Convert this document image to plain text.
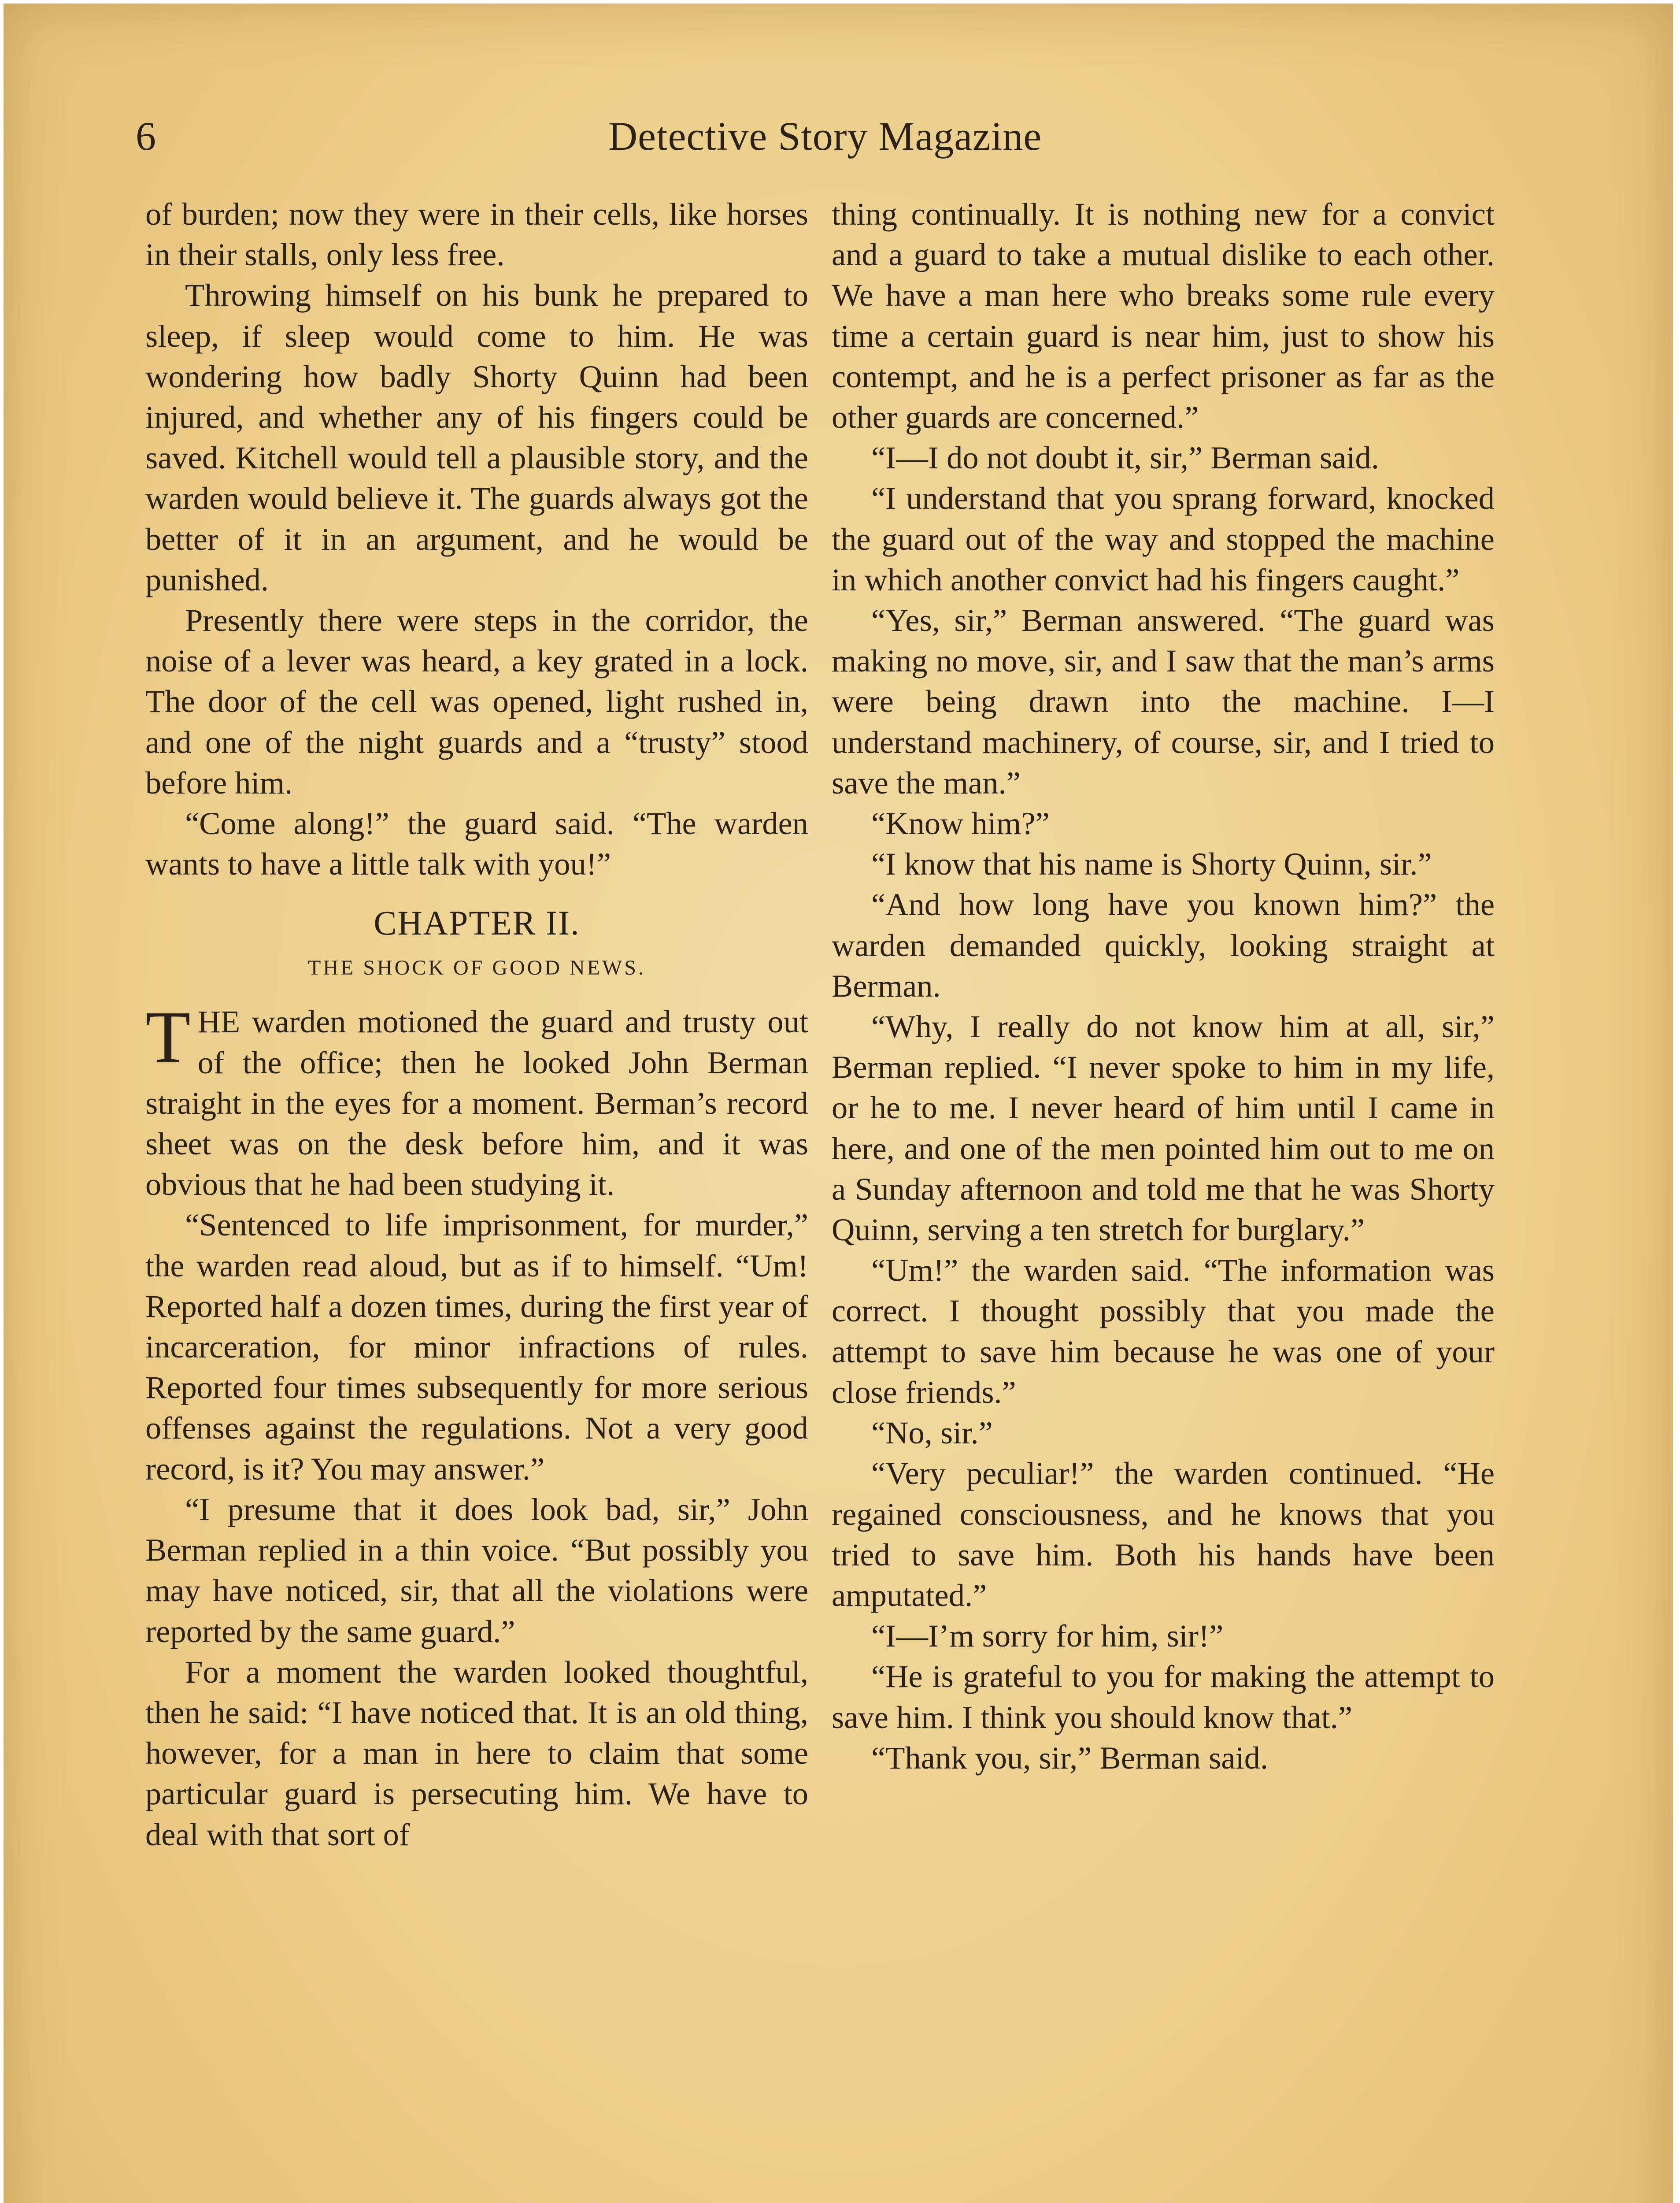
6	Detective Story Magazine

of burden; now they were in their cells, like horses in their stalls, only less free.

Throwing himself on his bunk he prepared to sleep, if sleep would come to him. He was wondering how badly Shorty Quinn had been injured, and whether any of his fingers could be saved. Kitchell would tell a plausible story, and the warden would believe it. The guards always got the better of it in an argument, and he would be punished.

Presently there were steps in the corridor, the noise of a lever was heard, a key grated in a lock. The door of the cell was opened, light rushed in, and one of the night guards and a “trusty” stood before him.

“Come along!” the guard said. “The warden wants to have a little talk with you!”

CHAPTER II.
THE SHOCK OF GOOD NEWS.

THE warden motioned the guard and trusty out of the office; then he looked John Berman straight in the eyes for a moment. Berman’s record sheet was on the desk before him, and it was obvious that he had been studying it.

“Sentenced to life imprisonment, for murder,” the warden read aloud, but as if to himself. “Um! Reported half a dozen times, during the first year of incarceration, for minor infractions of rules. Reported four times subsequently for more serious offenses against the regulations. Not a very good record, is it? You may answer.”

“I presume that it does look bad, sir,” John Berman replied in a thin voice. “But possibly you may have noticed, sir, that all the violations were reported by the same guard.”

For a moment the warden looked thoughtful, then he said: “I have noticed that. It is an old thing, however, for a man in here to claim that some particular guard is persecuting him. We have to deal with that sort of

thing continually. It is nothing new for a convict and a guard to take a mutual dislike to each other. We have a man here who breaks some rule every time a certain guard is near him, just to show his contempt, and he is a perfect prisoner as far as the other guards are concerned.”

“I—I do not doubt it, sir,” Berman said.

“I understand that you sprang forward, knocked the guard out of the way and stopped the machine in which another convict had his fingers caught.”

“Yes, sir,” Berman answered. “The guard was making no move, sir, and I saw that the man’s arms were being drawn into the machine. I—I understand machinery, of course, sir, and I tried to save the man.”

“Know him?”

“I know that his name is Shorty Quinn, sir.”

“And how long have you known him?” the warden demanded quickly, looking straight at Berman.

“Why, I really do not know him at all, sir,” Berman replied. “I never spoke to him in my life, or he to me. I never heard of him until I came in here, and one of the men pointed him out to me on a Sunday afternoon and told me that he was Shorty Quinn, serving a ten stretch for burglary.”

“Um!” the warden said. “The information was correct. I thought possibly that you made the attempt to save him because he was one of your close friends.”

“No, sir.”

“Very peculiar!” the warden continued. “He regained consciousness, and he knows that you tried to save him. Both his hands have been amputated.”

“I—I’m sorry for him, sir!”

“He is grateful to you for making the attempt to save him. I think you should know that.”

“Thank you, sir,” Berman said.
